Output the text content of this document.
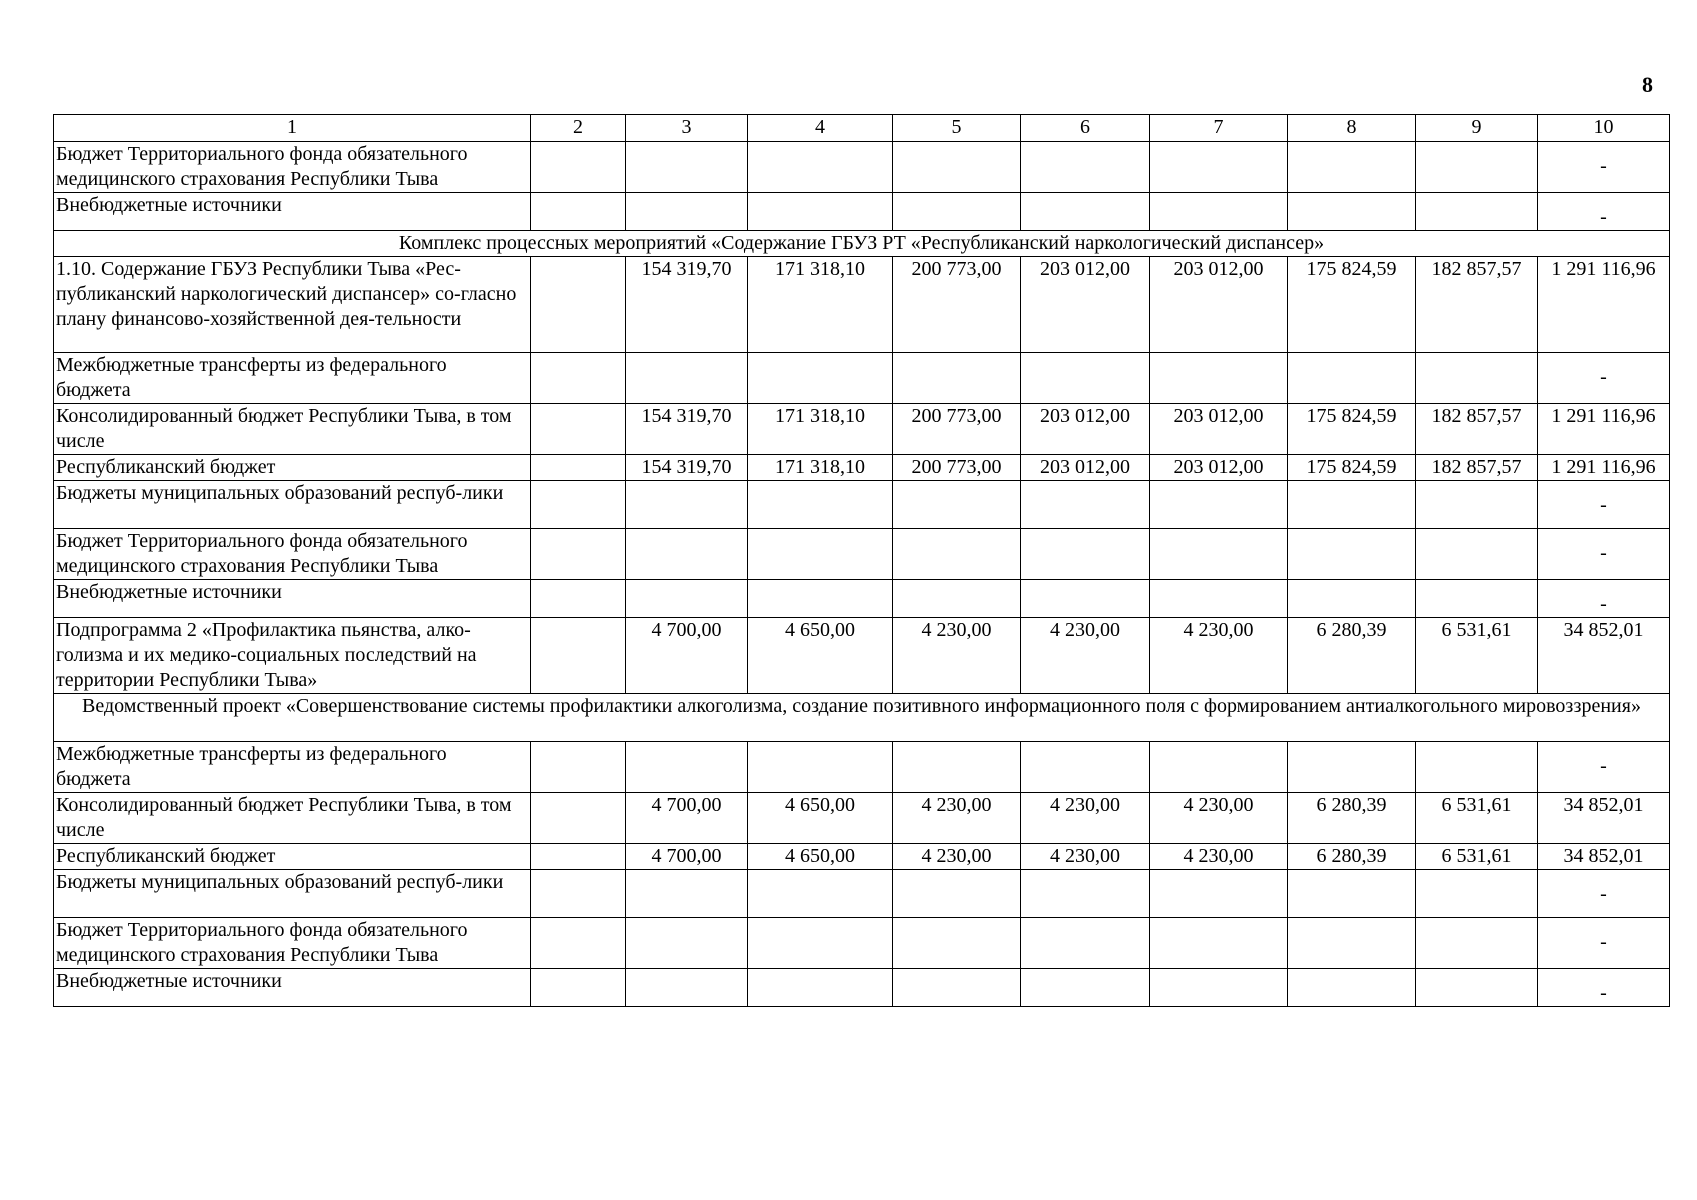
8
1	2	3	4	5	6	7	8	9	10
Бюджет Территориального фонда обязательного медицинского страхования Республики Тыва									-
Внебюджетные источники									-
Комплекс процессных мероприятий «Содержание ГБУЗ РТ «Республиканский наркологический диспансер»									
1.10. Содержание ГБУЗ Республики Тыва «Рес-публиканский наркологический диспансер» со-гласно плану финансово-хозяйственной дея-тельности		154 319,70	171 318,10	200 773,00	203 012,00	203 012,00	175 824,59	182 857,57	1 291 116,96
Межбюджетные трансферты из федерального бюджета									-
Консолидированный бюджет Республики Тыва, в том числе		154 319,70	171 318,10	200 773,00	203 012,00	203 012,00	175 824,59	182 857,57	1 291 116,96
Республиканский бюджет		154 319,70	171 318,10	200 773,00	203 012,00	203 012,00	175 824,59	182 857,57	1 291 116,96
Бюджеты муниципальных образований респуб-лики									-
Бюджет Территориального фонда обязательного медицинского страхования Республики Тыва									-
Внебюджетные источники									-
Подпрограмма 2 «Профилактика пьянства, алко-голизма и их медико-социальных последствий на территории Республики Тыва»		4 700,00	4 650,00	4 230,00	4 230,00	4 230,00	6 280,39	6 531,61	34 852,01
Ведомственный проект «Совершенствование системы профилактики алкоголизма, создание позитивного информационного поля с формированием антиалкогольного мировоззрения»									
Межбюджетные трансферты из федерального бюджета									-
Консолидированный бюджет Республики Тыва, в том числе		4 700,00	4 650,00	4 230,00	4 230,00	4 230,00	6 280,39	6 531,61	34 852,01
Республиканский бюджет		4 700,00	4 650,00	4 230,00	4 230,00	4 230,00	6 280,39	6 531,61	34 852,01
Бюджеты муниципальных образований респуб-лики									-
Бюджет Территориального фонда обязательного медицинского страхования Республики Тыва									-
Внебюджетные источники									-
